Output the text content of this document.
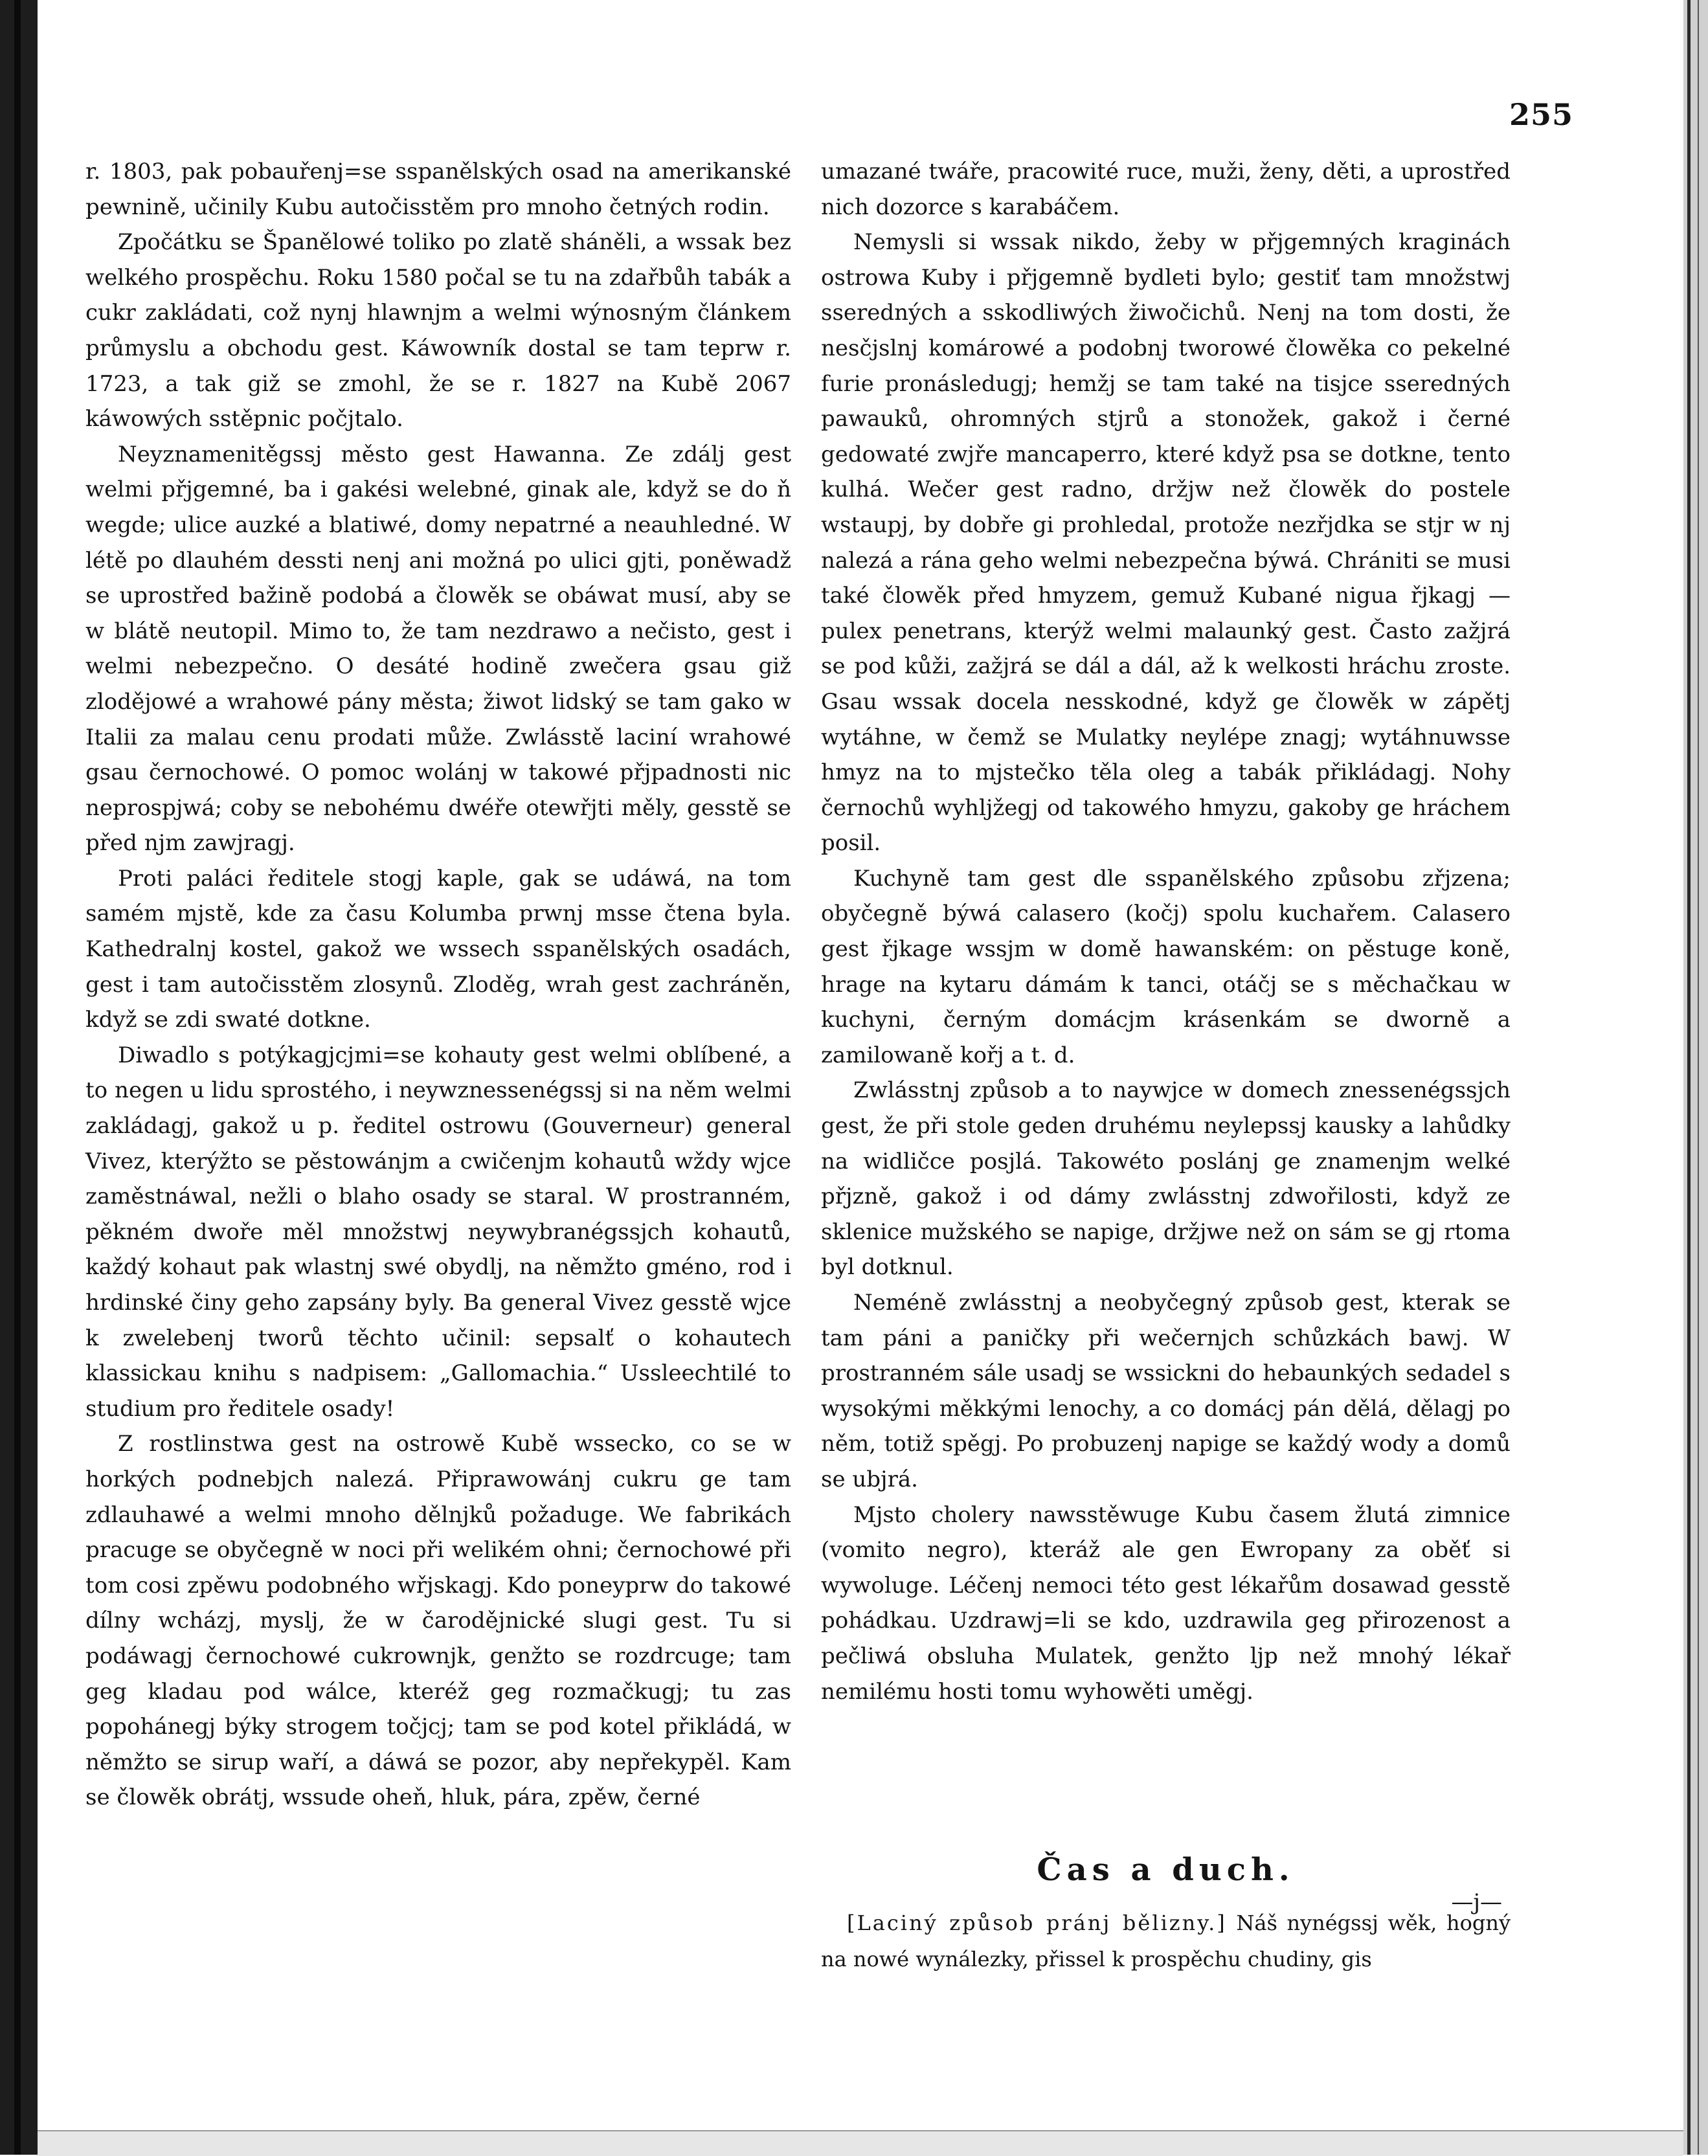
255

r. 1803, pak pobauřenj=se sspanělských osad na amerikanské pewnině, učinily Kubu autočisstěm pro mnoho četných rodin.

Zpočátku se Španělowé toliko po zlatě sháněli, a wssak bez welkého prospěchu. Roku 1580 počal se tu na zdařbůh tabák a cukr zakládati, což nynj hlawnjm a welmi wýnosným článkem průmyslu a obchodu gest. Káwowník dostal se tam teprw r. 1723, a tak giž se zmohl, že se r. 1827 na Kubě 2067 káwowých sstěpnic počjtalo.

Neyznamenitěgssj město gest Hawanna. Ze zdálj gest welmi přjgemné, ba i gakési welebné, ginak ale, když se do ň wegde; ulice auzké a blatiwé, domy nepatrné a neauhledné. W létě po dlauhém dessti nenj ani možná po ulici gjti, poněwadž se uprostřed bažině podobá a člowěk se obáwat musí, aby se w blátě neutopil. Mimo to, že tam nezdrawo a nečisto, gest i welmi nebezpečno. O desáté hodině zwečera gsau giž zlodějowé a wrahowé pány města; žiwot lidský se tam gako w Italii za malau cenu prodati může. Zwlásstě laciní wrahowé gsau černochowé. O pomoc wolánj w takowé přjpadnosti nic neprospjwá; coby se nebohému dwéře otewřjti měly, gesstě se před njm zawjragj.

Proti paláci ředitele stogj kaple, gak se udáwá, na tom samém mjstě, kde za času Kolumba prwnj msse čtena byla. Kathedralnj kostel, gakož we wssech sspanělských osadách, gest i tam autočisstěm zlosynů. Zloděg, wrah gest zachráněn, když se zdi swaté dotkne.

Diwadlo s potýkagjcjmi=se kohauty gest welmi oblíbené, a to negen u lidu sprostého, i neywznessenégssj si na něm welmi zakládagj, gakož u p. ředitel ostrowu (Gouverneur) general Vivez, kterýžto se pěstowánjm a cwičenjm kohautů wždy wjce zaměstnáwal, nežli o blaho osady se staral. W prostranném, pěkném dwoře měl množstwj neywybranégssjch kohautů, každý kohaut pak wlastnj swé obydlj, na němžto gméno, rod i hrdinské činy geho zapsány byly. Ba general Vivez gesstě wjce k zwelebenj tworů těchto učinil: sepsalť o kohautech klassickau knihu s nadpisem: „Gallomachia.“ Ussleechtilé to studium pro ředitele osady!

Z rostlinstwa gest na ostrowě Kubě wssecko, co se w horkých podnebjch nalezá. Připrawowánj cukru ge tam zdlauhawé a welmi mnoho dělnjků požaduge. We fabrikách pracuge se obyčegně w noci při welikém ohni; černochowé při tom cosi zpěwu podobného wřjskagj. Kdo poneyprw do takowé dílny wcházj, myslj, že w čarodějnické slugi gest. Tu si podáwagj černochowé cukrownjk, genžto se rozdrcuge; tam geg kladau pod wálce, kteréž geg rozmačkugj; tu zas popohánegj býky strogem točjcj; tam se pod kotel přikládá, w němžto se sirup waří, a dáwá se pozor, aby nepřekypěl. Kam se člowěk obrátj, wssude oheň, hluk, pára, zpěw, černé

umazané twáře, pracowité ruce, muži, ženy, děti, a uprostřed nich dozorce s karabáčem.

Nemysli si wssak nikdo, žeby w přjgemných kraginách ostrowa Kuby i přjgemně bydleti bylo; gestiť tam množstwj sseredných a sskodliwých žiwočichů. Nenj na tom dosti, že nesčjslnj komárowé a podobnj tworowé člowěka co pekelné furie pronásledugj; hemžj se tam také na tisjce sseredných pawauků, ohromných stjrů a stonožek, gakož i černé gedowaté zwjře mancaperro, které když psa se dotkne, tento kulhá. Wečer gest radno, držjw než člowěk do postele wstaupj, by dobře gi prohledal, protože nezřjdka se stjr w nj nalezá a rána geho welmi nebezpečna býwá. Chrániti se musi také člowěk před hmyzem, gemuž Kubané nigua řjkagj — pulex penetrans, kterýž welmi malaunký gest. Často zažjrá se pod kůži, zažjrá se dál a dál, až k welkosti hráchu zroste. Gsau wssak docela nesskodné, když ge člowěk w zápětj wytáhne, w čemž se Mulatky neylépe znagj; wytáhnuwsse hmyz na to mjstečko těla oleg a tabák přikládagj. Nohy černochů wyhljžegj od takowého hmyzu, gakoby ge hráchem posil.

Kuchyně tam gest dle sspanělského způsobu zřjzena; obyčegně býwá calasero (kočj) spolu kuchařem. Calasero gest řjkage wssjm w domě hawanském: on pěstuge koně, hrage na kytaru dámám k tanci, otáčj se s měchačkau w kuchyni, černým domácjm krásenkám se dworně a zamilowaně kořj a t. d.

Zwlásstnj způsob a to naywjce w domech znessenégssjch gest, že při stole geden druhému neylepssj kausky a lahůdky na widličce posjlá. Takowéto poslánj ge znamenjm welké přjzně, gakož i od dámy zwlásstnj zdwořilosti, když ze sklenice mužského se napige, držjwe než on sám se gj rtoma byl dotknul.

Neméně zwlásstnj a neobyčegný způsob gest, kterak se tam páni a paničky při wečernjch schůzkách bawj. W prostranném sále usadj se wssickni do hebaunkých sedadel s wysokými měkkými lenochy, a co domácj pán dělá, dělagj po něm, totiž spěgj. Po probuzenj napige se každý wody a domů se ubjrá.

Mjsto cholery nawsstěwuge Kubu časem žlutá zimnice (vomito negro), kteráž ale gen Ewropany za oběť si wywoluge. Léčenj nemoci této gest lékařům dosawad gesstě pohádkau. Uzdrawj=li se kdo, uzdrawila geg přirozenost a pečliwá obsluha Mulatek, genžto ljp než mnohý lékař nemilému hosti tomu wyhowěti uměgj.

—j—
Čas a duch.

[Laciný způsob pránj bělizny.] Náš nynégssj wěk, hogný na nowé wynálezky, přissel k prospěchu chudiny, gis
